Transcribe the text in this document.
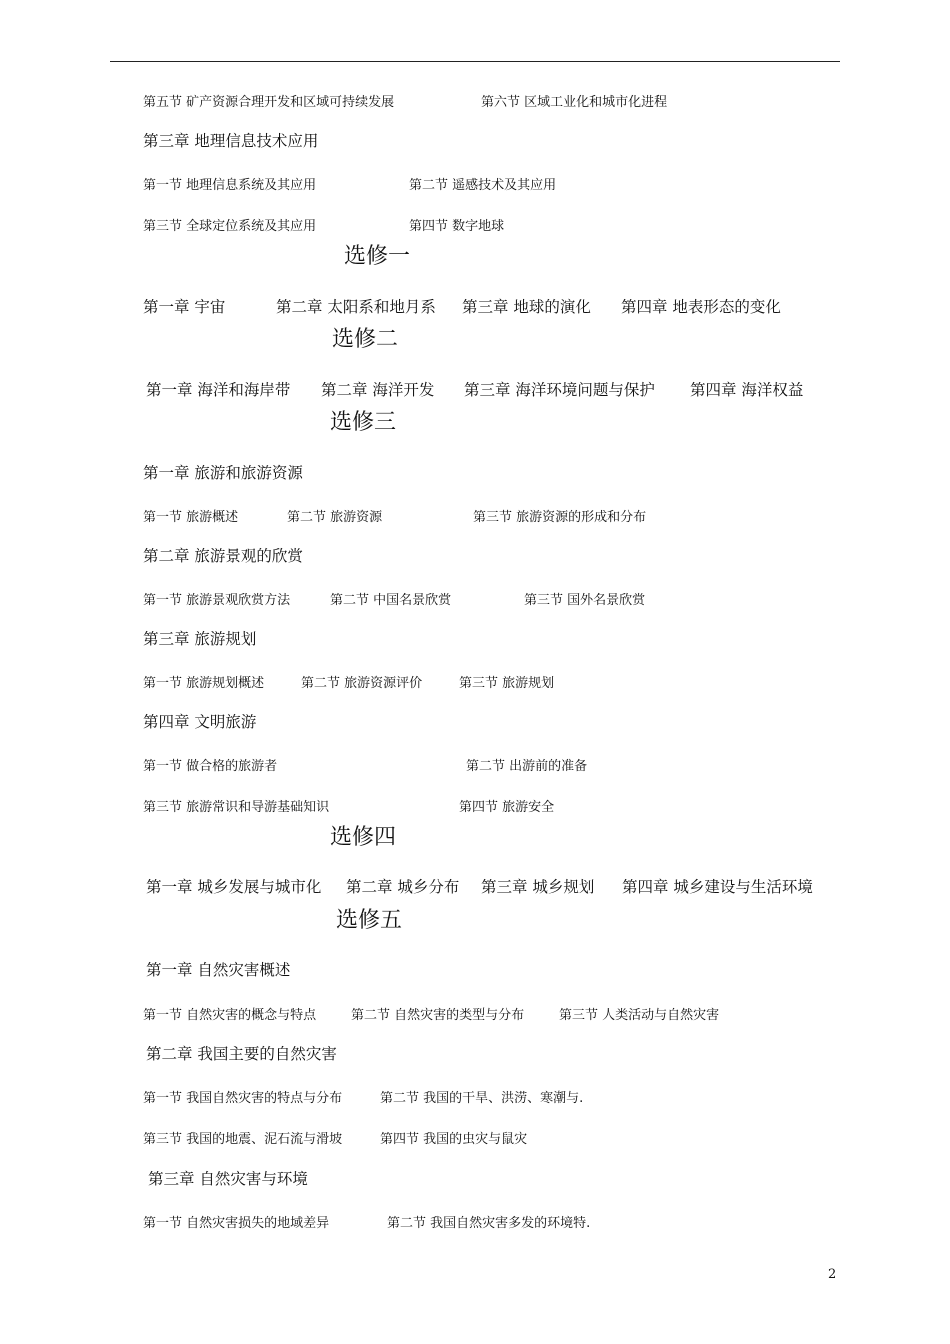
第五节 矿产资源合理开发和区域可持续发展	第六节 区域工业化和城市化进程
第三章 地理信息技术应用
第一节 地理信息系统及其应用	第二节 遥感技术及其应用
第三节 全球定位系统及其应用	第四节 数字地球
选修一
第一章 宇宙	第二章 太阳系和地月系 第三章 地球的演化 第四章 地表形态的变化
选修二
第一章 海洋和海岸带 第二章 海洋开发 第三章 海洋环境问题与保护 第四章 海洋权益
选修三
第一章 旅游和旅游资源
第一节 旅游概述	第二节 旅游资源	第三节 旅游资源的形成和分布
第二章 旅游景观的欣赏
第一节 旅游景观欣赏方法	第二节 中国名景欣赏	第三节 国外名景欣赏
第三章 旅游规划
第一节 旅游规划概述	第二节 旅游资源评价	第三节 旅游规划
第四章 文明旅游
第一节 做合格的旅游者	第二节 出游前的准备
第三节 旅游常识和导游基础知识	第四节 旅游安全
选修四
第一章 城乡发展与城市化 第二章 城乡分布 第三章 城乡规划 第四章 城乡建设与生活环境
选修五
第一章 自然灾害概述
第一节 自然灾害的概念与特点	第二节 自然灾害的类型与分布	第三节 人类活动与自然灾害
第二章 我国主要的自然灾害
第一节 我国自然灾害的特点与分布	第二节 我国的干旱、洪涝、寒潮与.
第三节 我国的地震、泥石流与滑坡	第四节 我国的虫灾与鼠灾
第三章 自然灾害与环境
第一节 自然灾害损失的地域差异	第二节 我国自然灾害多发的环境特.
2
